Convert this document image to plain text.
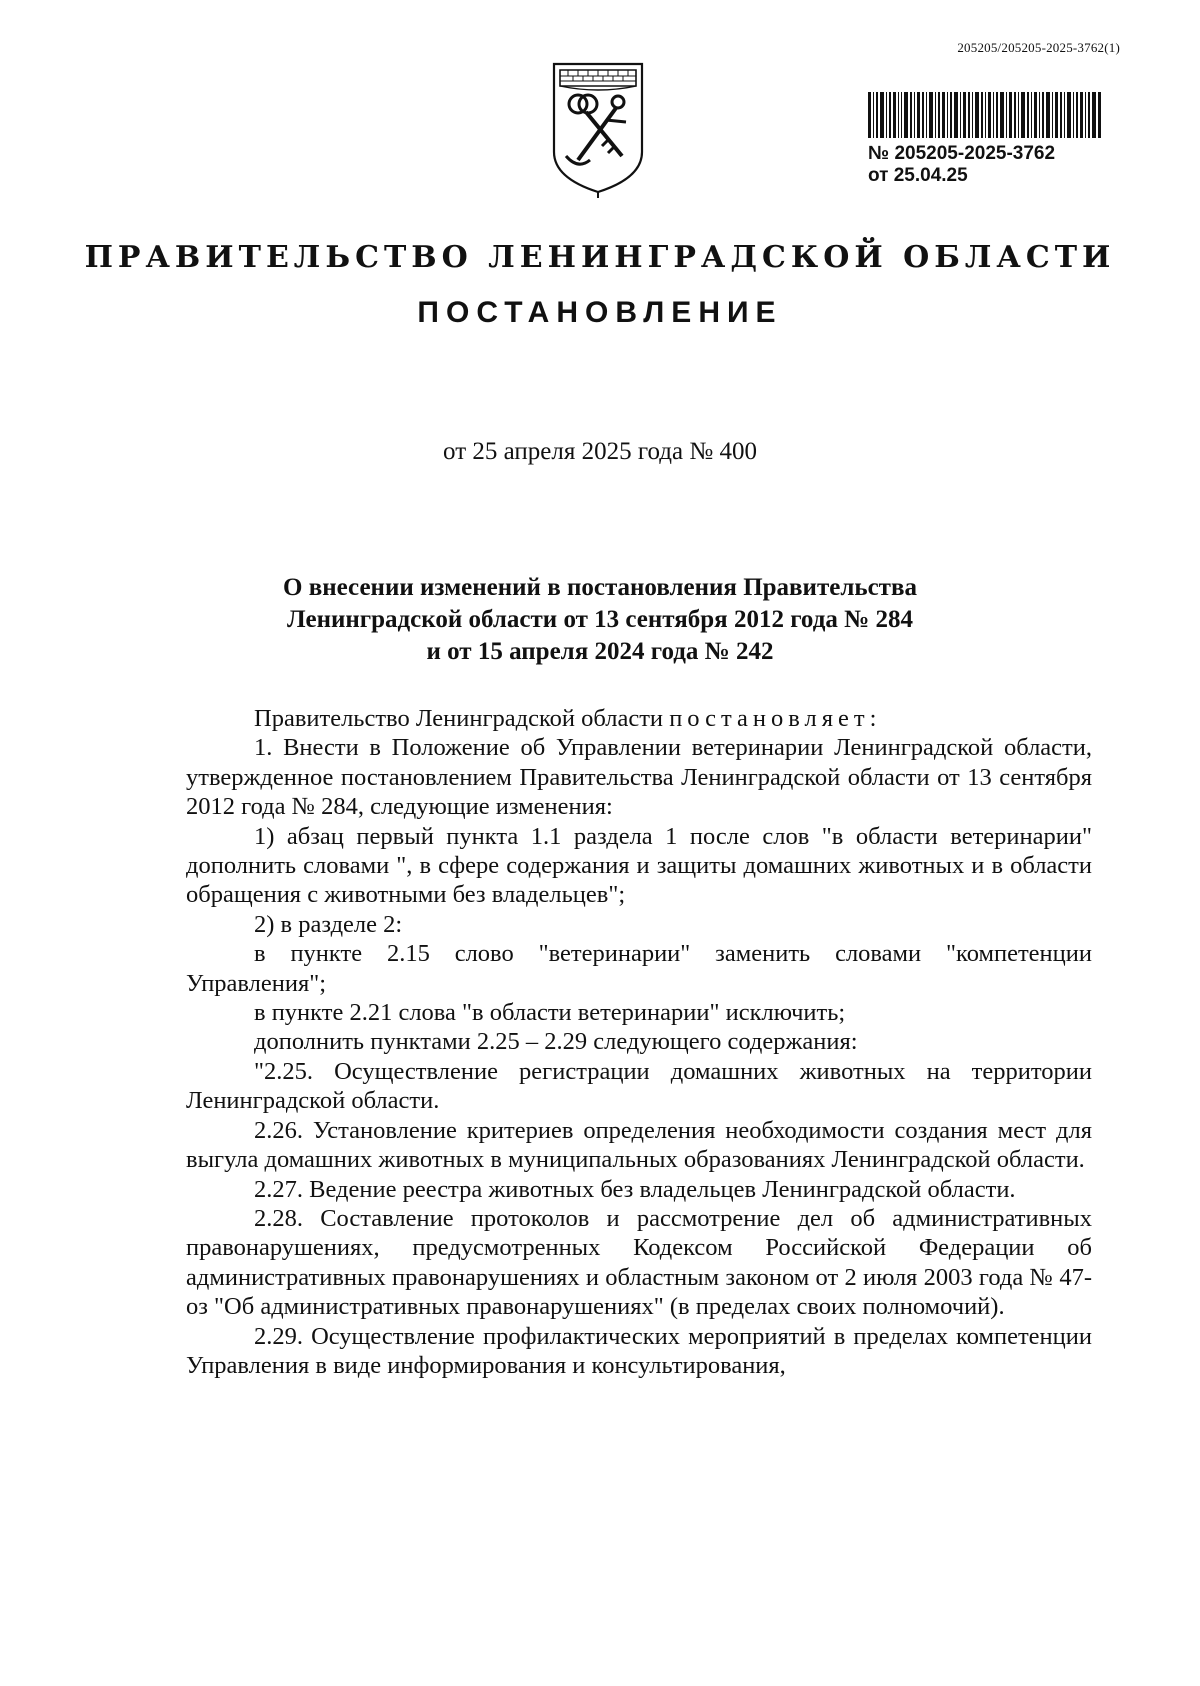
205205/205205-2025-3762(1)
№ 205205-2025-3762
от 25.04.25
ПРАВИТЕЛЬСТВО ЛЕНИНГРАДСКОЙ ОБЛАСТИ
ПОСТАНОВЛЕНИЕ
от 25 апреля 2025 года № 400
О внесении изменений в постановления Правительства
Ленинградской области от 13 сентября 2012 года № 284
и от 15 апреля 2024 года № 242

Правительство Ленинградской области постановляет:

1. Внести в Положение об Управлении ветеринарии Ленинградской области, утвержденное постановлением Правительства Ленинградской области от 13 сентября 2012 года № 284, следующие изменения:

1) абзац первый пункта 1.1 раздела 1 после слов "в области ветеринарии" дополнить словами ", в сфере содержания и защиты домашних животных и в области обращения с животными без владельцев";

2) в разделе 2:

в пункте 2.15 слово "ветеринарии" заменить словами "компетенции Управления";

в пункте 2.21 слова "в области ветеринарии" исключить;

дополнить пунктами 2.25 – 2.29 следующего содержания:

"2.25. Осуществление регистрации домашних животных на территории Ленинградской области.

2.26. Установление критериев определения необходимости создания мест для выгула домашних животных в муниципальных образованиях Ленинградской области.

2.27. Ведение реестра животных без владельцев Ленинградской области.

2.28. Составление протоколов и рассмотрение дел об административных правонарушениях, предусмотренных Кодексом Российской Федерации об административных правонарушениях и областным законом от 2 июля 2003 года № 47-оз "Об административных правонарушениях" (в пределах своих полномочий).

2.29. Осуществление профилактических мероприятий в пределах компетенции Управления в виде информирования и консультирования,
